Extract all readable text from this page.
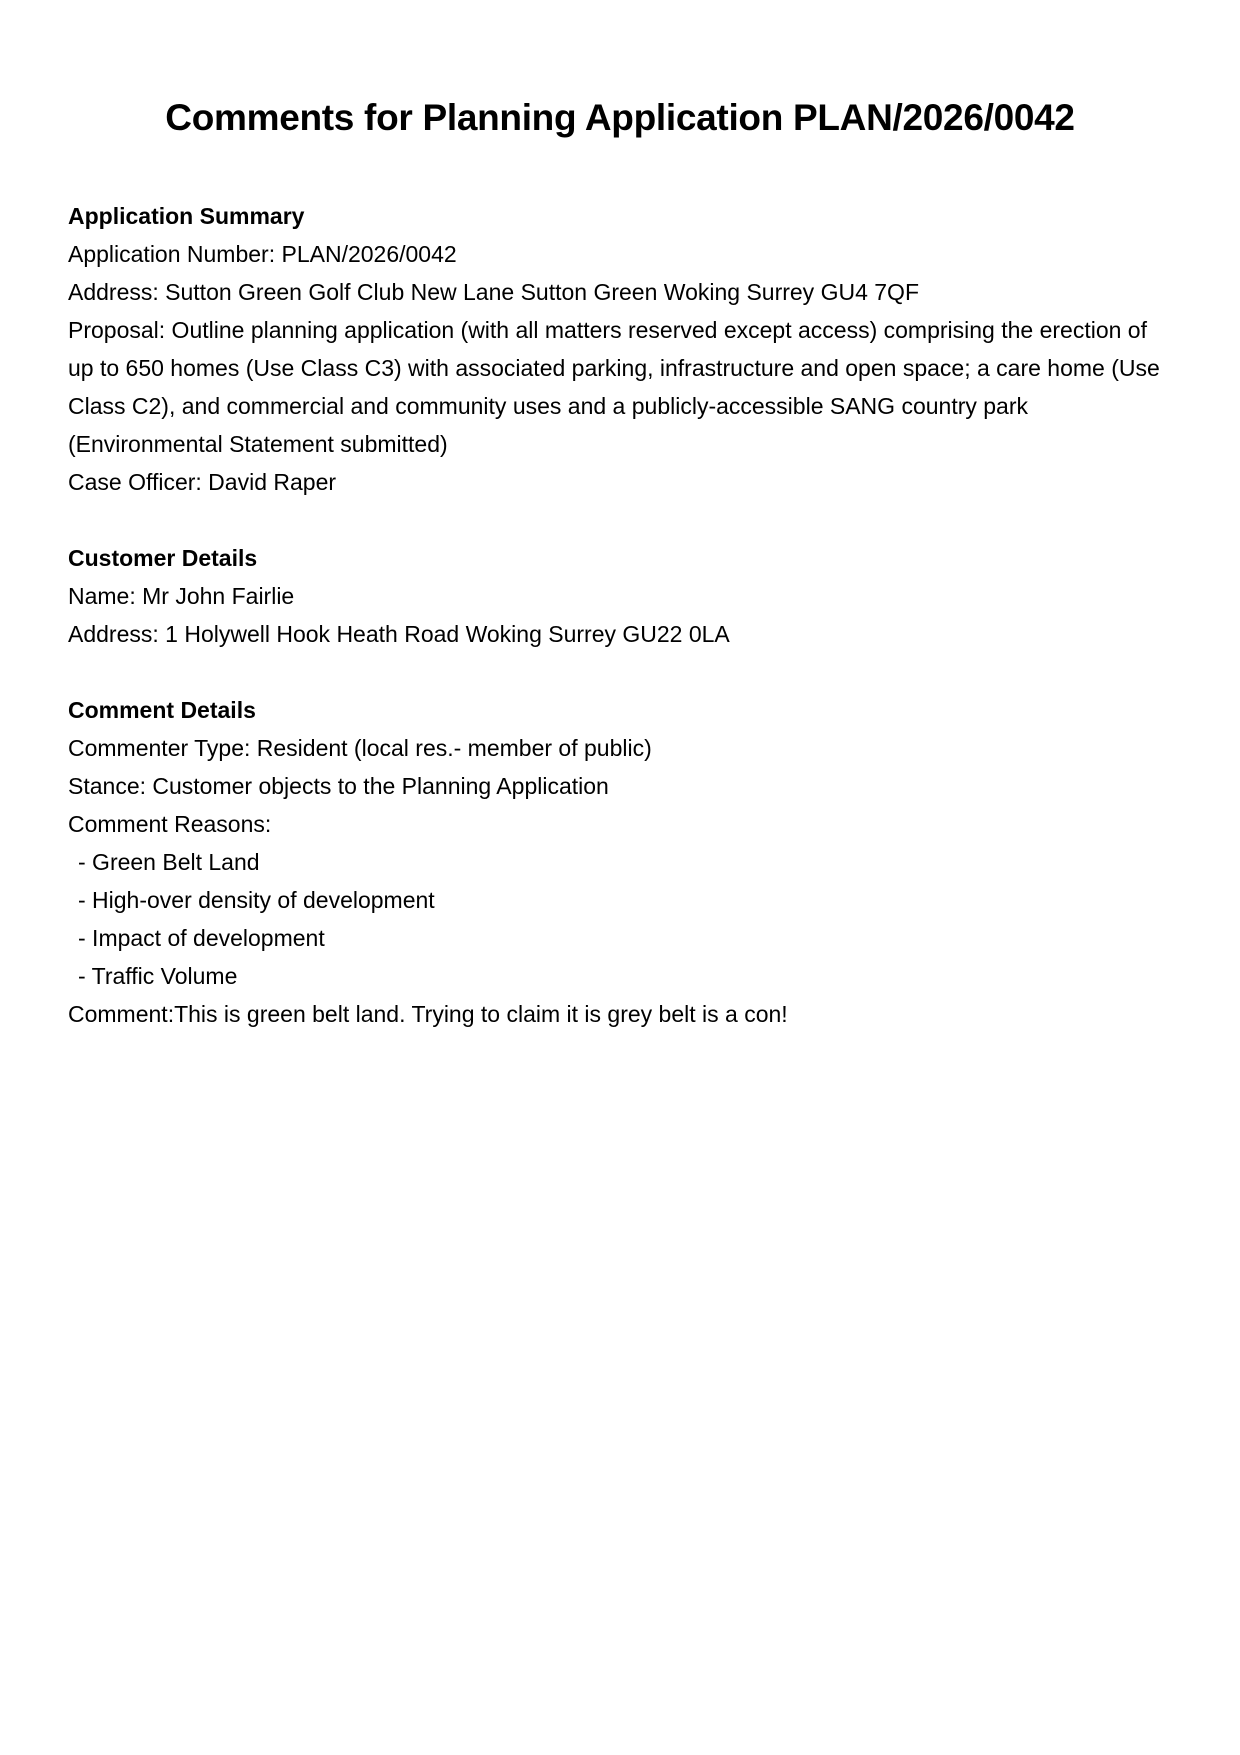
Comments for Planning Application PLAN/2026/0042
Application Summary

Application Number: PLAN/2026/0042

Address: Sutton Green Golf Club New Lane Sutton Green Woking Surrey GU4 7QF

Proposal: Outline planning application (with all matters reserved except access) comprising the erection of up to 650 homes (Use Class C3) with associated parking, infrastructure and open space; a care home (Use Class C2), and commercial and community uses and a publicly-accessible SANG country park (Environmental Statement submitted)

Case Officer: David Raper

Customer Details

Name: Mr John Fairlie

Address: 1 Holywell Hook Heath Road Woking Surrey GU22 0LA

Comment Details

Commenter Type: Resident (local res.- member of public)

Stance: Customer objects to the Planning Application

Comment Reasons:

- Green Belt Land

- High-over density of development

- Impact of development

- Traffic Volume

Comment:This is green belt land. Trying to claim it is grey belt is a con!
